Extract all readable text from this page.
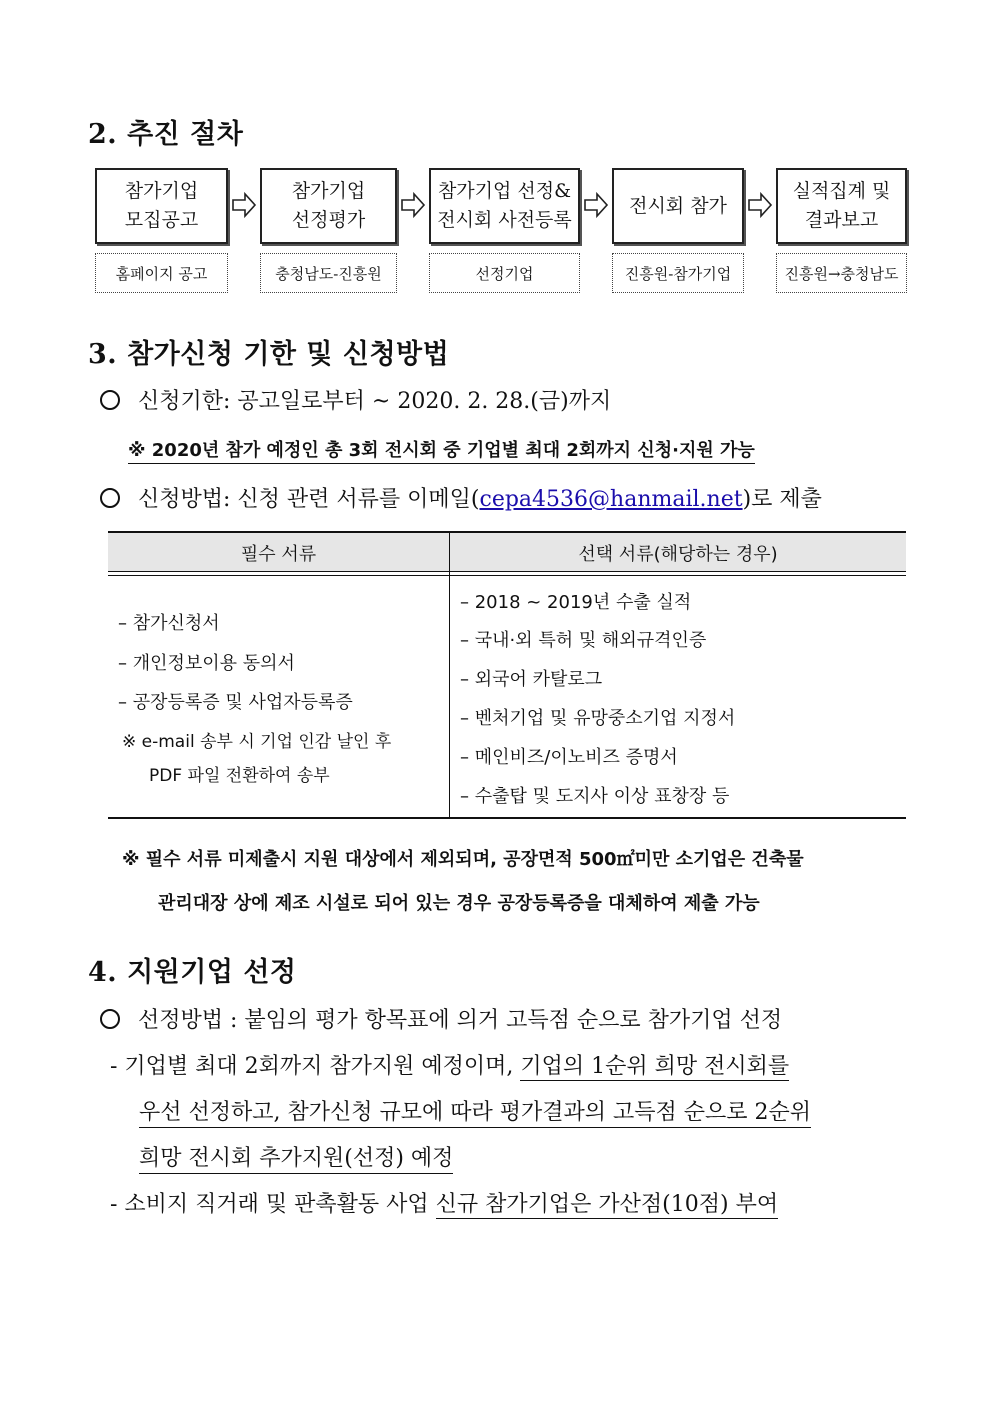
2. 추진 절차
참가기업
모집공고
참가기업
선정평가
참가기업 선정&
전시회 사전등록
전시회 참가
실적집계 및
결과보고
홈페이지 공고	충청남도-진흥원	선정기업	진흥원-참가기업	진흥원→충청남도
3. 참가신청 기한 및 신청방법
신청기한: 공고일로부터 ~ 2020. 2. 28.(금)까지
※ 2020년 참가 예정인 총 3회 전시회 중 기업별 최대 2회까지 신청·지원 가능
신청방법: 신청 관련 서류를 이메일(cepa4536@hanmail.net)로 제출
필수 서류	선택 서류(해당하는 경우)
– 참가신청서
– 개인정보이용 동의서
– 공장등록증 및 사업자등록증
※ e-mail 송부 시 기업 인감 날인 후
PDF 파일 전환하여 송부
– 2018 ~ 2019년 수출 실적
– 국내·외 특허 및 해외규격인증
– 외국어 카탈로그
– 벤처기업 및 유망중소기업 지정서
– 메인비즈/이노비즈 증명서
– 수출탑 및 도지사 이상 표창장 등
※ 필수 서류 미제출시 지원 대상에서 제외되며, 공장면적 500㎡미만 소기업은 건축물
관리대장 상에 제조 시설로 되어 있는 경우 공장등록증을 대체하여 제출 가능
4. 지원기업 선정
선정방법 : 붙임의 평가 항목표에 의거 고득점 순으로 참가기업 선정
- 기업별 최대 2회까지 참가지원 예정이며, 기업의 1순위 희망 전시회를
우선 선정하고, 참가신청 규모에 따라 평가결과의 고득점 순으로 2순위
희망 전시회 추가지원(선정) 예정
- 소비지 직거래 및 판촉활동 사업 신규 참가기업은 가산점(10점) 부여
